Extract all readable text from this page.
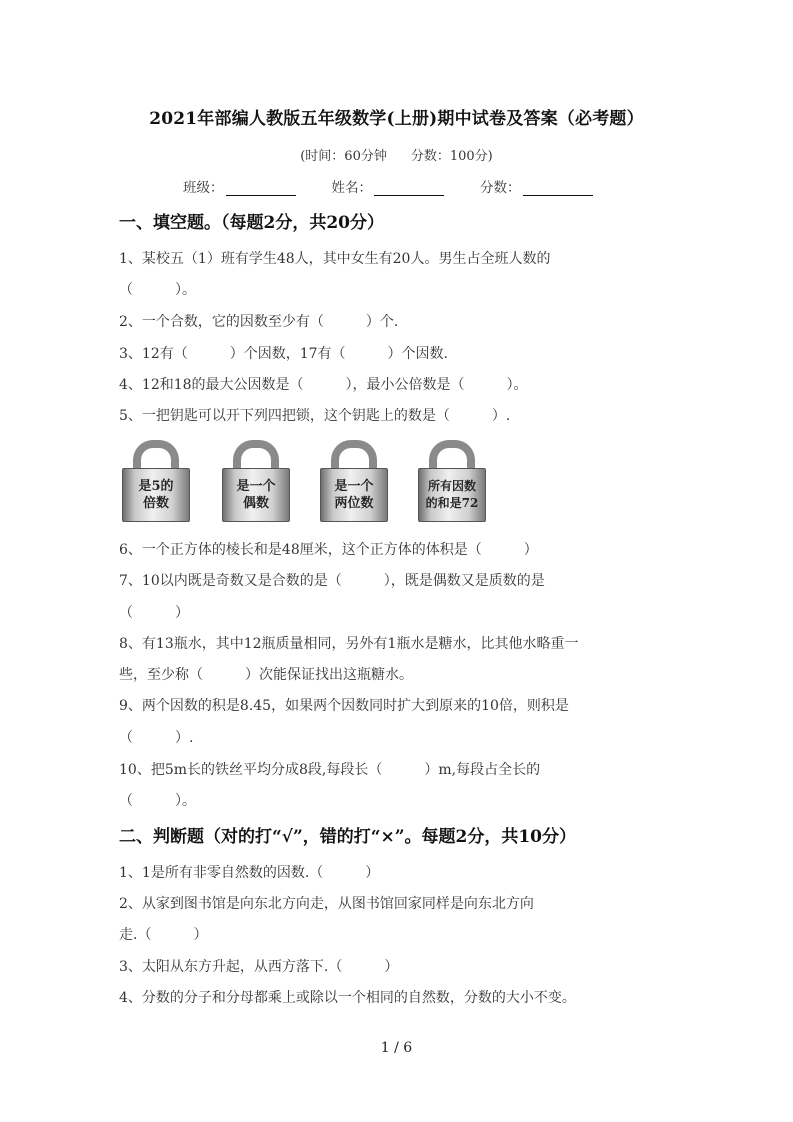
2021年部编人教版五年级数学(上册)期中试卷及答案（必考题）
(时间：60分钟 分数：100分)
班级：	姓名：	分数：
一、填空题。（每题2分，共20分）
1、某校五（1）班有学生48人，其中女生有20人。男生占全班人数的
（　　　）。
2、一个合数，它的因数至少有（　　　）个.
3、12有（　　　）个因数，17有（　　　）个因数.
4、12和18的最大公因数是（　　　），最小公倍数是（　　　）。
5、一把钥匙可以开下列四把锁，这个钥匙上的数是（　　　）.
是5的
倍数
是一个
偶数
是一个
两位数
所有因数
的和是72
6、一个正方体的棱长和是48厘米，这个正方体的体积是（　　　）
7、10以内既是奇数又是合数的是（　　　），既是偶数又是质数的是
（　　　）
8、有13瓶水，其中12瓶质量相同，另外有1瓶水是糖水，比其他水略重一
些，至少称（　　　）次能保证找出这瓶糖水。
9、两个因数的积是8.45，如果两个因数同时扩大到原来的10倍，则积是
（　　　）.
10、把5m长的铁丝平均分成8段,每段长（　　　）m,每段占全长的
（　　　）。
二、判断题（对的打“√”，错的打“×”。每题2分，共10分）
1、1是所有非零自然数的因数.（　　　）
2、从家到图书馆是向东北方向走，从图书馆回家同样是向东北方向
走.（　　　）
3、太阳从东方升起，从西方落下.（　　　）
4、分数的分子和分母都乘上或除以一个相同的自然数，分数的大小不变。
1 / 6
